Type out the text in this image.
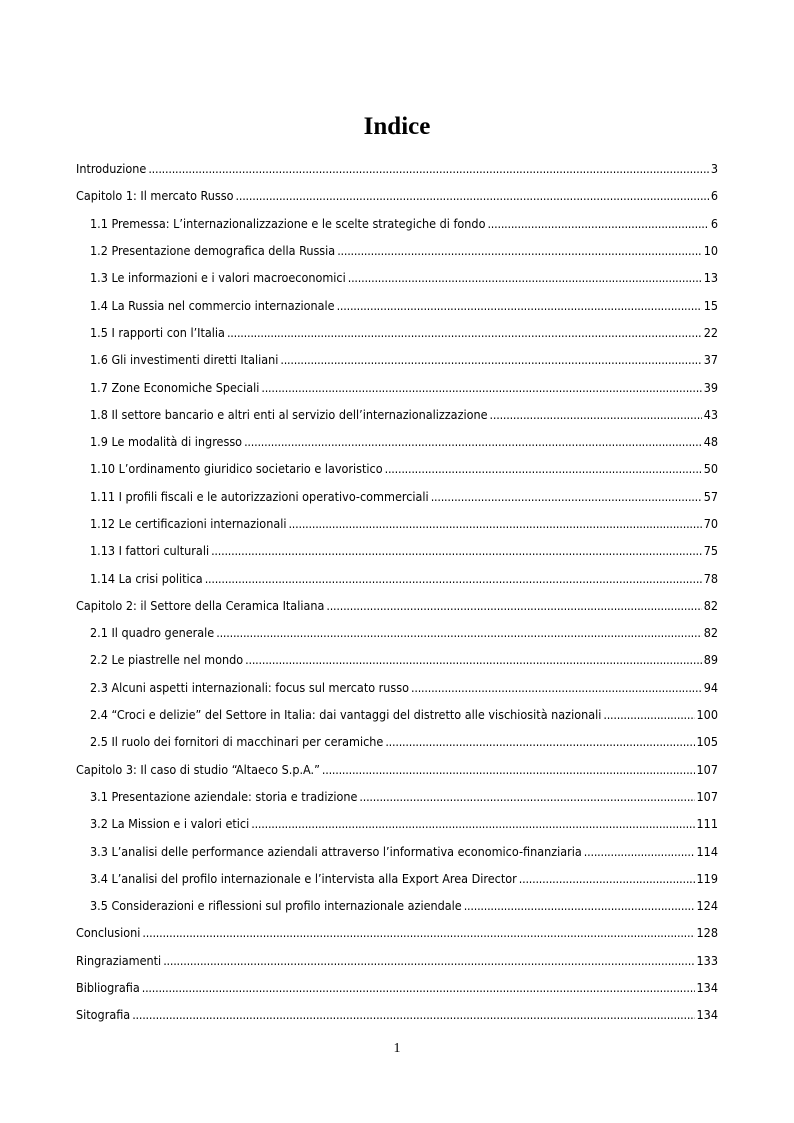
Indice
Introduzione . . .	3
Capitolo 1: Il mercato Russo . . .	6
1.1 Premessa: L’internazionalizzazione e le scelte strategiche di fondo . . .	6
1.2 Presentazione demografica della Russia . . .	10
1.3 Le informazioni e i valori macroeconomici . . .	13
1.4 La Russia nel commercio internazionale . . .	15
1.5 I rapporti con l’Italia . . .	22
1.6 Gli investimenti diretti Italiani . . .	37
1.7 Zone Economiche Speciali . . .	39
1.8 Il settore bancario e altri enti al servizio dell’internazionalizzazione . . .	43
1.9 Le modalità di ingresso . . .	48
1.10 L’ordinamento giuridico societario e lavoristico . . .	50
1.11 I profili fiscali e le autorizzazioni operativo-commerciali . . .	57
1.12 Le certificazioni internazionali . . .	70
1.13 I fattori culturali . . .	75
1.14 La crisi politica . . .	78
Capitolo 2: il Settore della Ceramica Italiana . . .	82
2.1 Il quadro generale . . .	82
2.2 Le piastrelle nel mondo . . .	89
2.3 Alcuni aspetti internazionali: focus sul mercato russo . . .	94
2.4 “Croci e delizie” del Settore in Italia: dai vantaggi del distretto alle vischiosità nazionali . . .	100
2.5 Il ruolo dei fornitori di macchinari per ceramiche . . .	105
Capitolo 3: Il caso di studio “Altaeco S.p.A.” . . .	107
3.1 Presentazione aziendale: storia e tradizione . . .	107
3.2 La Mission e i valori etici . . .	111
3.3 L’analisi delle performance aziendali attraverso l’informativa economico-finanziaria . . .	114
3.4 L’analisi del profilo internazionale e l’intervista alla Export Area Director . . .	119
3.5 Considerazioni e riflessioni sul profilo internazionale aziendale . . .	124
Conclusioni . . .	128
Ringraziamenti . . .	133
Bibliografia . . .	134
Sitografia . . .	134
1
